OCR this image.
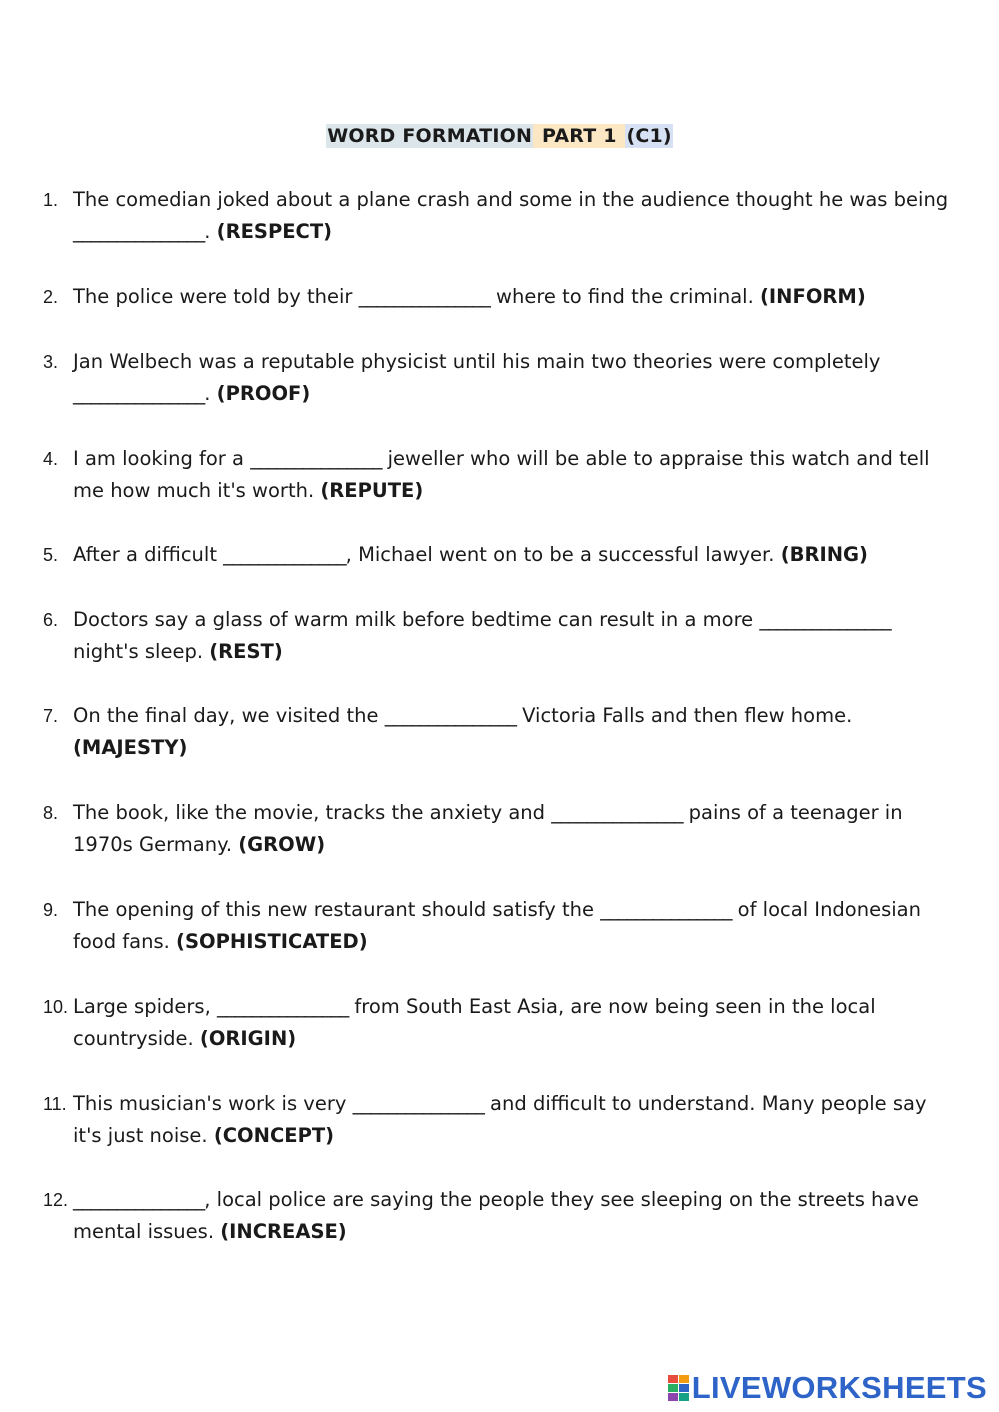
WORD FORMATION PART 1 (C1)
1. The comedian joked about a plane crash and some in the audience thought he was being
_______________. (RESPECT)
2. The police were told by their _______________ where to find the criminal. (INFORM)
3. Jan Welbech was a reputable physicist until his main two theories were completely
_______________. (PROOF)
4. I am looking for a _______________ jeweller who will be able to appraise this watch and tell
me how much it's worth. (REPUTE)
5. After a difficult ______________, Michael went on to be a successful lawyer. (BRING)
6. Doctors say a glass of warm milk before bedtime can result in a more _______________
night's sleep. (REST)
7. On the final day, we visited the _______________ Victoria Falls and then flew home.
(MAJESTY)
8. The book, like the movie, tracks the anxiety and _______________ pains of a teenager in
1970s Germany. (GROW)
9. The opening of this new restaurant should satisfy the _______________ of local Indonesian
food fans. (SOPHISTICATED)
10. Large spiders, _______________ from South East Asia, are now being seen in the local
countryside. (ORIGIN)
11. This musician's work is very _______________ and difficult to understand. Many people say
it's just noise. (CONCEPT)
12. _______________, local police are saying the people they see sleeping on the streets have
mental issues. (INCREASE)
LIVEWORKSHEETS
